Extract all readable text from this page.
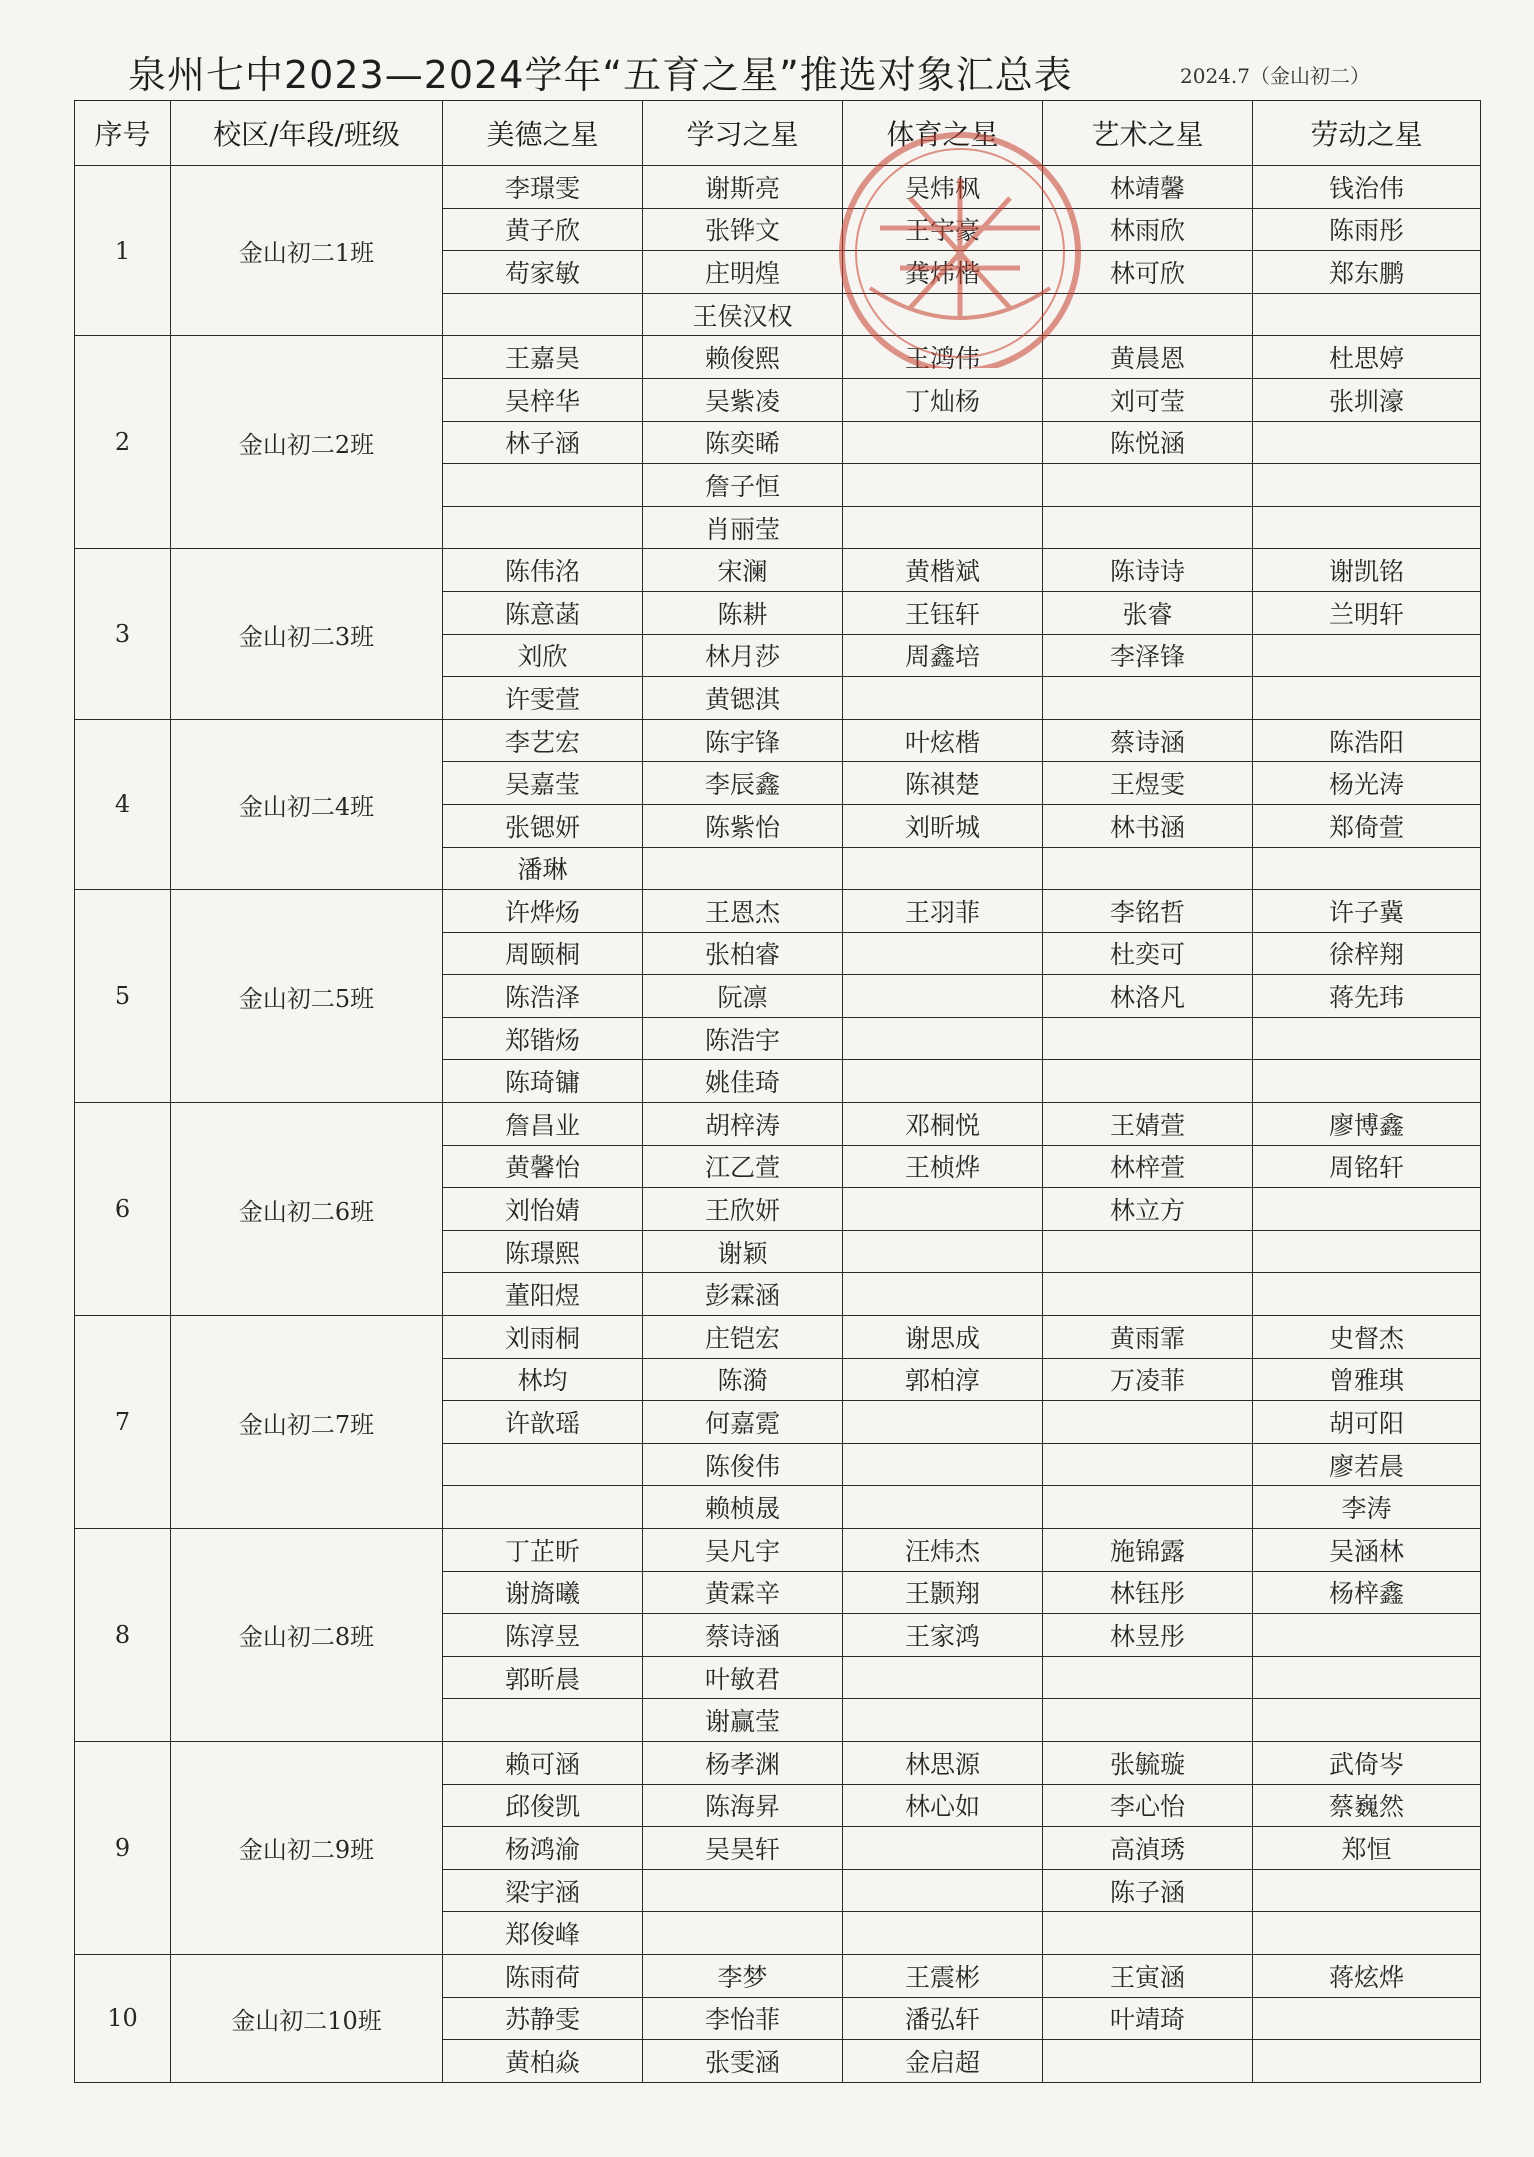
泉州七中2023—2024学年“五育之星”推选对象汇总表	2024.7（金山初二）
序号	校区/年段/班级	美德之星	学习之星	体育之星	艺术之星	劳动之星
1	金山初二1班	李璟雯	谢斯亮	吴炜枫	林靖馨	钱治伟
		黄子欣	张铧文	王宇豪	林雨欣	陈雨彤
		苟家敏	庄明煌	龚炜楷	林可欣	郑东鹏
			王侯汉权			
2	金山初二2班	王嘉昊	赖俊熙	王鸿伟	黄晨恩	杜思婷
		吴梓华	吴紫凌	丁灿杨	刘可莹	张圳濠
		林子涵	陈奕晞		陈悦涵	
			詹子恒			
			肖丽莹			
3	金山初二3班	陈伟洺	宋澜	黄楷斌	陈诗诗	谢凯铭
		陈意菡	陈耕	王钰轩	张睿	兰明轩
		刘欣	林月莎	周鑫培	李泽锋	
		许雯萱	黄锶淇			
4	金山初二4班	李艺宏	陈宇锋	叶炫楷	蔡诗涵	陈浩阳
		吴嘉莹	李辰鑫	陈祺楚	王煜雯	杨光涛
		张锶妍	陈紫怡	刘昕城	林书涵	郑倚萱
		潘琳				
5	金山初二5班	许烨炀	王恩杰	王羽菲	李铭哲	许子冀
		周颐桐	张柏睿		杜奕可	徐梓翔
		陈浩泽	阮凛		林洛凡	蒋先玮
		郑锴炀	陈浩宇			
		陈琦镛	姚佳琦			
6	金山初二6班	詹昌业	胡梓涛	邓桐悦	王婧萱	廖博鑫
		黄馨怡	江乙萱	王桢烨	林梓萱	周铭轩
		刘怡婧	王欣妍		林立方	
		陈璟熙	谢颖			
		董阳煜	彭霖涵			
7	金山初二7班	刘雨桐	庄铠宏	谢思成	黄雨霏	史督杰
		林均	陈漪	郭柏淳	万凌菲	曾雅琪
		许歆瑶	何嘉霓			胡可阳
			陈俊伟			廖若晨
			赖桢晟			李涛
8	金山初二8班	丁芷昕	吴凡宇	汪炜杰	施锦露	吴涵林
		谢旖曦	黄霖辛	王颢翔	林钰彤	杨梓鑫
		陈淳昱	蔡诗涵	王家鸿	林昱彤	
		郭昕晨	叶敏君			
			谢赢莹			
9	金山初二9班	赖可涵	杨孝渊	林思源	张毓璇	武倚岑
		邱俊凯	陈海昇	林心如	李心怡	蔡巍然
		杨鸿渝	吴昊轩		高湞琇	郑恒
		梁宇涵			陈子涵	
		郑俊峰				
10	金山初二10班	陈雨荷	李梦	王震彬	王寅涵	蒋炫烨
		苏静雯	李怡菲	潘弘轩	叶靖琦	
		黄柏焱	张雯涵	金启超		
